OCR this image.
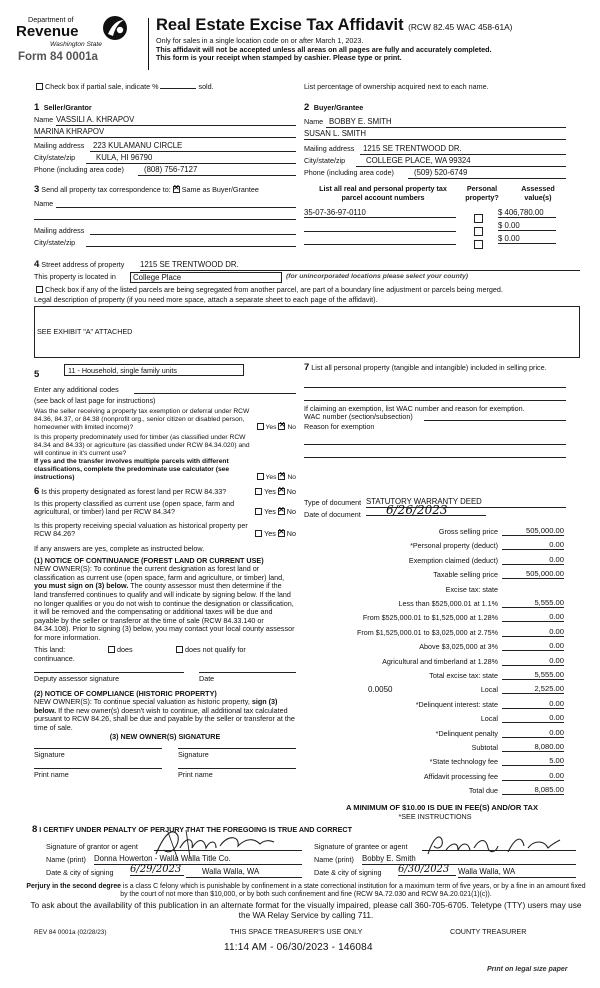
Department of
Revenue
Washington State
Form 84 0001a
Real Estate Excise Tax Affidavit (RCW 82.45 WAC 458-61A)
Only for sales in a single location code on or after March 1, 2023.
This affidavit will not be accepted unless all areas on all pages are fully and accurately completed.
This form is your receipt when stamped by cashier. Please type or print.
Check box if partial sale, indicate %	sold.	List percentage of ownership acquired next to each name.
1 Seller/Grantor
Name VASSILI A. KHRAPOV
MARINA KHRAPOV
Mailing address	223 KULAMANU CIRCLE
City/state/zip	KULA, HI 96790
Phone (including area code)	(808) 756-7127
2 Buyer/Grantee
Name BOBBY E. SMITH
SUSAN L. SMITH
Mailing address	1215 SE TRENTWOOD DR.
City/state/zip	COLLEGE PLACE, WA 99324
Phone (including area code)	(509) 520-6749
3 Send all property tax correspondence to: ✕ Same as Buyer/Grantee
Name
Mailing address
City/state/zip
List all real and personal property tax parcel account numbers
Personal property?
Assessed value(s)
35-07-36-97-0110	$ 406,780.00
$ 0.00
$ 0.00
4 Street address of property 1215 SE TRENTWOOD DR.
This property is located in	College Place	(for unincorporated locations please select your county)
Check box if any of the listed parcels are being segregated from another parcel, are part of a boundary line adjustment or parcels being merged.
Legal description of property (if you need more space, attach a separate sheet to each page of the affidavit).
SEE EXHIBIT "A" ATTACHED
5	11 - Household, single family units
Enter any additional codes
(see back of last page for instructions)
Was the seller receiving a property tax exemption or deferral under RCW 84.36, 84.37, or 84.38 (nonprofit org., senior citizen or disabled person, homeowner with limited income)?	Yes ✕ No
Is this property predominately used for timber (as classified under RCW 84.34 and 84.33) or agriculture (as classified under RCW 84.34.020) and will continue in it's current use?
If yes and the transfer involves multiple parcels with different classifications, complete the predominate use calculator (see instructions)	Yes ✕ No
6 Is this property designated as forest land per RCW 84.33?	Yes ✕ No
Is this property classified as current use (open space, farm and agricultural, or timber) land per RCW 84.34?	Yes ✕ No
Is this property receiving special valuation as historical property per RCW 84.26?	Yes ✕ No
If any answers are yes, complete as instructed below.
(1) NOTICE OF CONTINUANCE (FOREST LAND OR CURRENT USE)
NEW OWNER(S): To continue the current designation as forest land or classification as current use (open space, farm and agriculture, or timber) land, you must sign on (3) below. The county assessor must then determine if the land transferred continues to qualify and will indicate by signing below. If the land no longer qualifies or you do not wish to continue the designation or classification, it will be removed and the compensating or additional taxes will be due and payable by the seller or transferor at the time of sale (RCW 84.33.140 or 84.34.108). Prior to signing (3) below, you may contact your local county assessor for more information.
This land:	does	does not qualify for
continuance.
Deputy assessor signature	Date
(2) NOTICE OF COMPLIANCE (HISTORIC PROPERTY)
NEW OWNER(S): To continue special valuation as historic property, sign (3) below. If the new owner(s) doesn't wish to continue, all additional tax calculated pursuant to RCW 84.26, shall be due and payable by the seller or transferor at the time of sale.
(3) NEW OWNER(S) SIGNATURE
Signature	Signature
Print name	Print name
7 List all personal property (tangible and intangible) included in selling price.
If claiming an exemption, list WAC number and reason for exemption.
WAC number (section/subsection)
Reason for exemption
Type of document STATUTORY WARRANTY DEED
Date of document	6/26/2023
Gross selling price	505,000.00
*Personal property (deduct)	0.00
Exemption claimed (deduct)	0.00
Taxable selling price	505,000.00
Excise tax: state
Less than $525,000.01 at 1.1%	5,555.00
From $525,000.01 to $1,525,000 at 1.28%	0.00
From $1,525,000.01 to $3,025,000 at 2.75%	0.00
Above $3,025,000 at 3%	0.00
Agricultural and timberland at 1.28%	0.00
Total excise tax: state	5,555.00
Local	2,525.00
0.0050
*Delinquent interest: state	0.00
Local	0.00
*Delinquent penalty	0.00
Subtotal	8,080.00
*State technology fee	5.00
Affidavit processing fee	0.00
Total due	8,085.00
A MINIMUM OF $10.00 IS DUE IN FEE(S) AND/OR TAX
*SEE INSTRUCTIONS
8 I CERTIFY UNDER PENALTY OF PERJURY THAT THE FOREGOING IS TRUE AND CORRECT
Signature of grantor or agent
Name (print) Donna Howerton - Walla Walla Title Co.
Date & city of signing 6/29/2023	Walla Walla, WA
Signature of grantee or agent
Name (print) Bobby E. Smith
Date & city of signing 6/30/2023	Walla Walla, WA
Perjury in the second degree is a class C felony which is punishable by confinement in a state correctional institution for a maximum term of five years, or by a fine in an amount fixed by the court of not more than $10,000, or by both such confinement and fine (RCW 9A.72.030 and RCW 9A.20.021(1)(c)).
To ask about the availability of this publication in an alternate format for the visually impaired, please call 360-705-6705. Teletype (TTY) users may use the WA Relay Service by calling 711.
REV 84 0001a (02/28/23)	THIS SPACE TREASURER'S USE ONLY	COUNTY TREASURER
11:14 AM - 06/30/2023 - 146084
Print on legal size paper
